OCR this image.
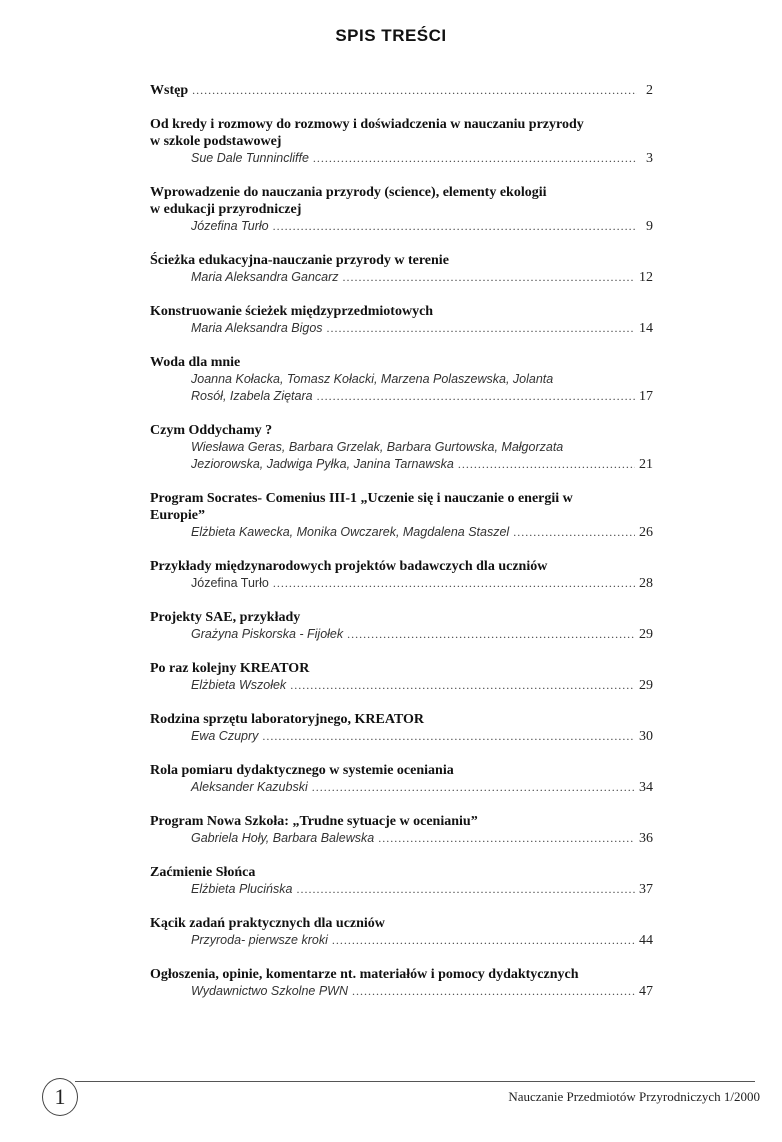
SPIS TREŚCI
Wstęp .....	2
Od kredy i rozmowy do rozmowy i doświadczenia w nauczaniu przyrody
w szkole podstawowej
Sue Dale Tunnincliffe .....	3
Wprowadzenie do nauczania przyrody (science), elementy ekologii
w edukacji przyrodniczej
Józefina Turło .....	9
Ścieżka edukacyjna-nauczanie przyrody w terenie
Maria Aleksandra Gancarz .....	12
Konstruowanie ścieżek międzyprzedmiotowych
Maria Aleksandra Bigos .....	14
Woda dla mnie
Joanna Kołacka, Tomasz Kołacki, Marzena Polaszewska, Jolanta
Rosół, Izabela Ziętara .....	17
Czym Oddychamy ?
Wiesława Geras, Barbara Grzelak, Barbara Gurtowska, Małgorzata
Jeziorowska, Jadwiga Pyłka, Janina Tarnawska .....	21
Program Socrates- Comenius III-1 „Uczenie się i nauczanie o energii w
Europie”
Elżbieta Kawecka, Monika Owczarek, Magdalena Staszel .....	26
Przykłady międzynarodowych projektów badawczych dla uczniów
Józefina Turło .....	28
Projekty SAE, przykłady
Grażyna Piskorska - Fijołek .....	29
Po raz kolejny KREATOR
Elżbieta Wszołek .....	29
Rodzina sprzętu laboratoryjnego, KREATOR
Ewa Czupry .....	30
Rola pomiaru dydaktycznego w systemie oceniania
Aleksander Kazubski .....	34
Program Nowa Szkoła: „Trudne sytuacje w ocenianiu”
Gabriela Hoły, Barbara Balewska .....	36
Zaćmienie Słońca
Elżbieta Plucińska .....	37
Kącik zadań praktycznych dla uczniów
Przyroda- pierwsze kroki .....	44
Ogłoszenia, opinie, komentarze nt. materiałów i pomocy dydaktycznych
Wydawnictwo Szkolne PWN .....	47
1	Nauczanie Przedmiotów Przyrodniczych 1/2000
